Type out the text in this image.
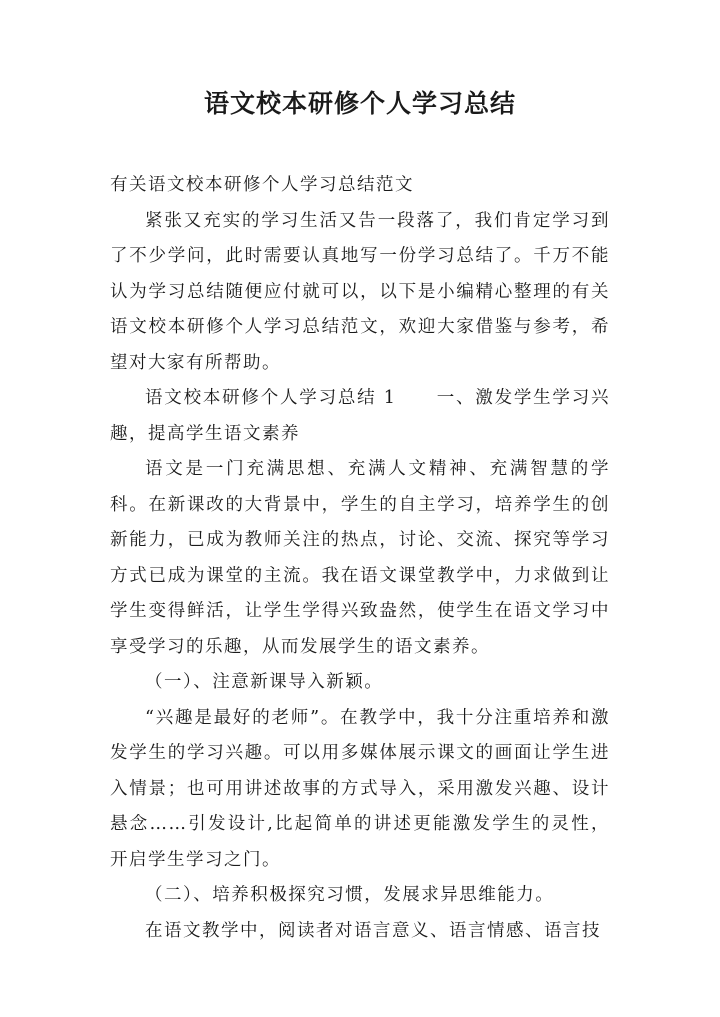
语文校本研修个人学习总结

有关语文校本研修个人学习总结范文

紧张又充实的学习生活又告一段落了，我们肯定学习到了不少学问，此时需要认真地写一份学习总结了。千万不能认为学习总结随便应付就可以，以下是小编精心整理的有关语文校本研修个人学习总结范文，欢迎大家借鉴与参考，希望对大家有所帮助。

语文校本研修个人学习总结 1 一、激发学生学习兴趣，提高学生语文素养

语文是一门充满思想、充满人文精神、充满智慧的学科。在新课改的大背景中，学生的自主学习，培养学生的创新能力，已成为教师关注的热点，讨论、交流、探究等学习方式已成为课堂的主流。我在语文课堂教学中，力求做到让学生变得鲜活，让学生学得兴致盎然，使学生在语文学习中享受学习的乐趣，从而发展学生的语文素养。

（一）、注意新课导入新颖。

“兴趣是最好的老师”。在教学中，我十分注重培养和激发学生的学习兴趣。可以用多媒体展示课文的画面让学生进入情景；也可用讲述故事的方式导入，采用激发兴趣、设计悬念……引发设计,比起简单的讲述更能激发学生的灵性，开启学生学习之门。

（二）、培养积极探究习惯，发展求异思维能力。

在语文教学中，阅读者对语言意义、语言情感、语言技
